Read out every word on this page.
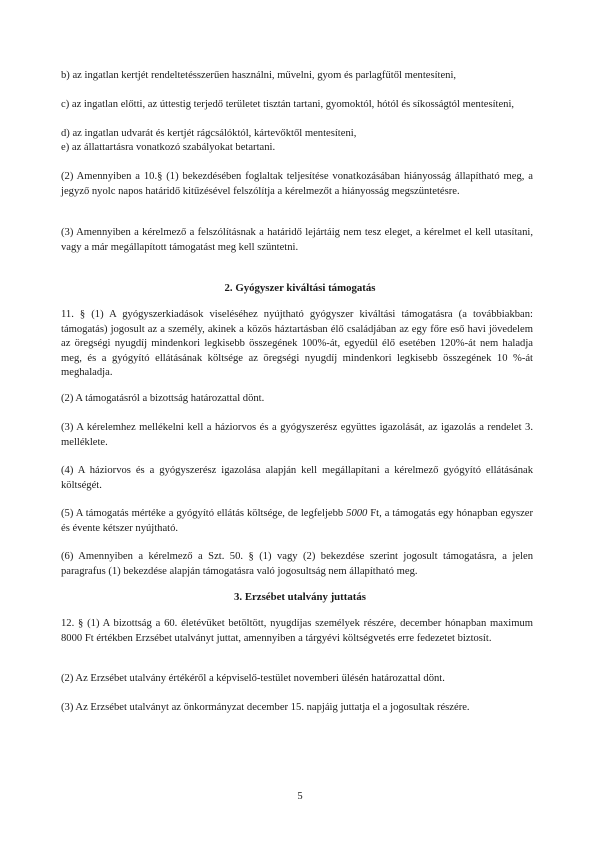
b) az ingatlan kertjét rendeltetésszerűen használni, művelni, gyom és parlagfűtől mentesíteni,

c) az ingatlan előtti, az úttestig terjedő területet tisztán tartani, gyomoktól, hótól és síkosságtól mentesíteni,

d) az ingatlan udvarát és kertjét rágcsálóktól, kártevőktől mentesíteni,

e) az állattartásra vonatkozó szabályokat betartani.

(2) Amennyiben a 10.§ (1) bekezdésében foglaltak teljesítése vonatkozásában hiányosság állapítható meg, a jegyző nyolc napos határidő kitűzésével felszólítja a kérelmezőt a hiányosság megszüntetésre.

(3) Amennyiben a kérelmező a felszólításnak a határidő lejártáig nem tesz eleget, a kérelmet el kell utasítani, vagy a már megállapított támogatást meg kell szüntetni.

2. Gyógyszer kiváltási támogatás

11. § (1) A gyógyszerkiadások viseléséhez nyújtható gyógyszer kiváltási támogatásra (a továbbiakban: támogatás) jogosult az a személy, akinek a közös háztartásban élő családjában az egy főre eső havi jövedelem az öregségi nyugdíj mindenkori legkisebb összegének 100%-át, egyedül élő esetében 120%-át nem haladja meg, és a gyógyító ellátásának költsége az öregségi nyugdíj mindenkori legkisebb összegének 10 %-át meghaladja.

(2) A támogatásról a bizottság határozattal dönt.

(3) A kérelemhez mellékelni kell a háziorvos és a gyógyszerész együttes igazolását, az igazolás a rendelet 3. melléklete.

(4) A háziorvos és a gyógyszerész igazolása alapján kell megállapítani a kérelmező gyógyító ellátásának költségét.

(5) A támogatás mértéke a gyógyító ellátás költsége, de legfeljebb 5000 Ft, a támogatás egy hónapban egyszer és évente kétszer nyújtható.

(6) Amennyiben a kérelmező a Szt. 50. § (1) vagy (2) bekezdése szerint jogosult támogatásra, a jelen paragrafus (1) bekezdése alapján támogatásra való jogosultság nem állapítható meg.

3. Erzsébet utalvány juttatás

12. § (1) A bizottság a 60. életévüket betöltött, nyugdíjas személyek részére, december hónapban maximum 8000 Ft értékben Erzsébet utalványt juttat, amennyiben a tárgyévi költségvetés erre fedezetet biztosít.

(2) Az Erzsébet utalvány értékéről a képviselő-testület novemberi ülésén határozattal dönt.

(3) Az Erzsébet utalványt az önkormányzat december 15. napjáig juttatja el a jogosultak részére.

5
